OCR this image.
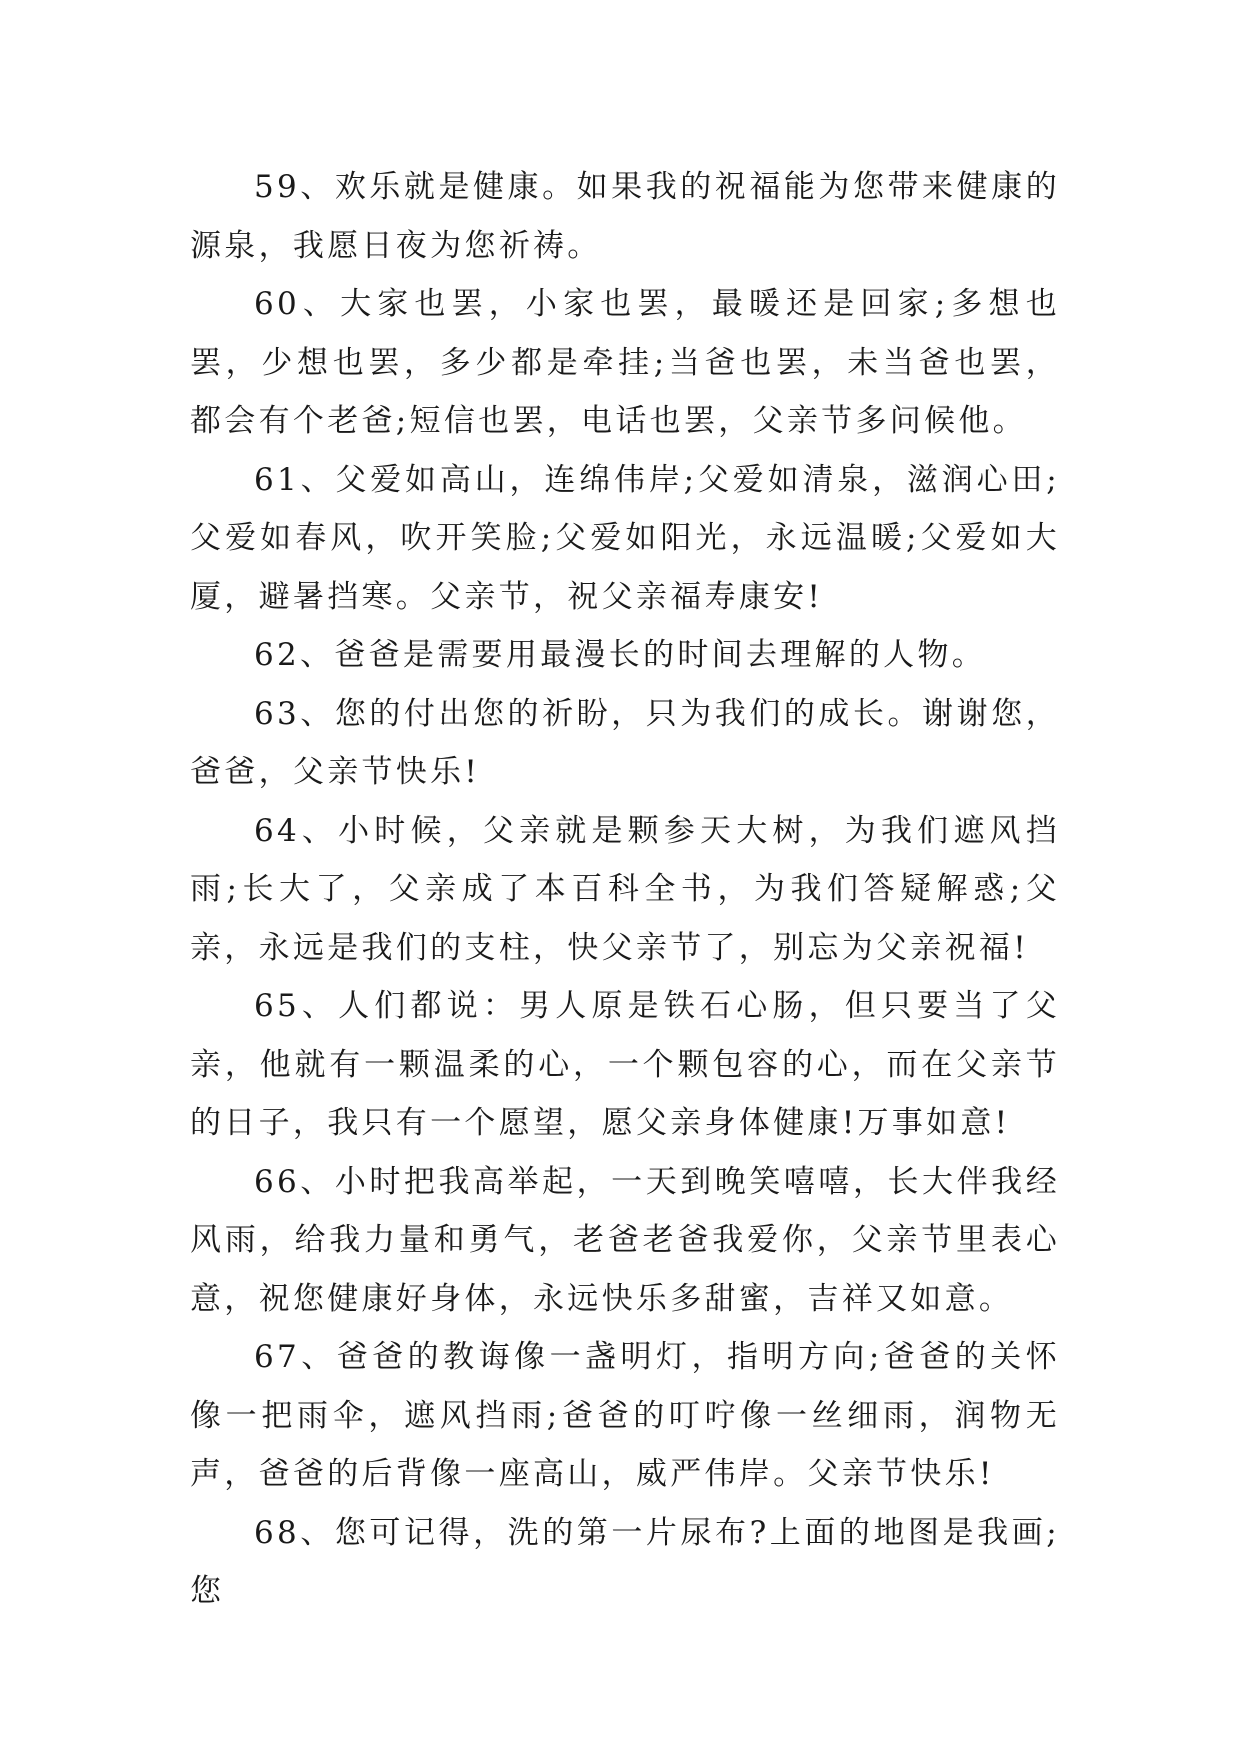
59、欢乐就是健康。如果我的祝福能为您带来健康的源泉，我愿日夜为您祈祷。

60、大家也罢，小家也罢，最暖还是回家;多想也罢，少想也罢，多少都是牵挂;当爸也罢，未当爸也罢，都会有个老爸;短信也罢，电话也罢，父亲节多问候他。

61、父爱如高山，连绵伟岸;父爱如清泉，滋润心田;父爱如春风，吹开笑脸;父爱如阳光，永远温暖;父爱如大厦，避暑挡寒。父亲节，祝父亲福寿康安!

62、爸爸是需要用最漫长的时间去理解的人物。

63、您的付出您的祈盼，只为我们的成长。谢谢您，爸爸，父亲节快乐!

64、小时候，父亲就是颗参天大树，为我们遮风挡雨;长大了，父亲成了本百科全书，为我们答疑解惑;父亲，永远是我们的支柱，快父亲节了，别忘为父亲祝福!

65、人们都说：男人原是铁石心肠，但只要当了父亲，他就有一颗温柔的心，一个颗包容的心，而在父亲节的日子，我只有一个愿望，愿父亲身体健康!万事如意!

66、小时把我高举起，一天到晚笑嘻嘻，长大伴我经风雨，给我力量和勇气，老爸老爸我爱你，父亲节里表心意，祝您健康好身体，永远快乐多甜蜜，吉祥又如意。

67、爸爸的教诲像一盏明灯，指明方向;爸爸的关怀像一把雨伞，遮风挡雨;爸爸的叮咛像一丝细雨，润物无声，爸爸的后背像一座高山，威严伟岸。父亲节快乐!

68、您可记得，洗的第一片尿布?上面的地图是我画;您
